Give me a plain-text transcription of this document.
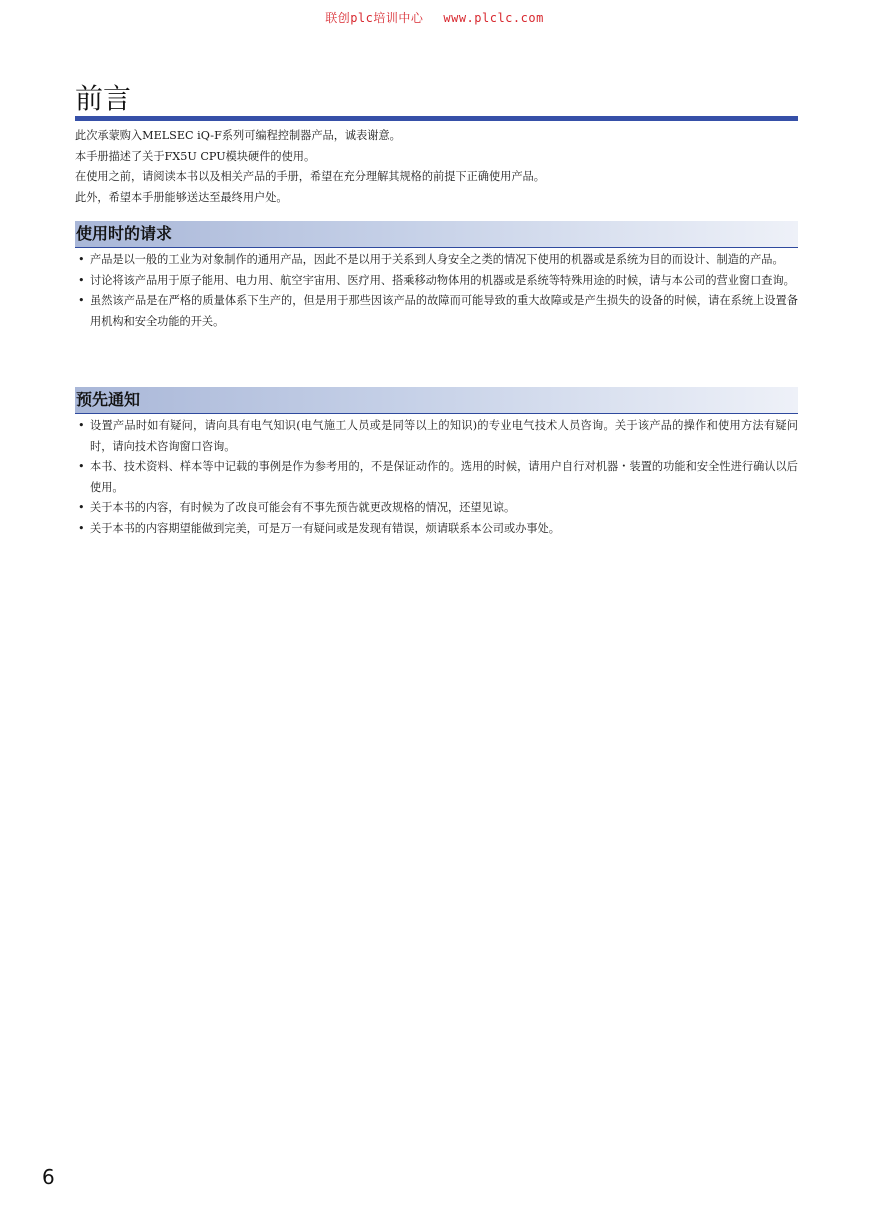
联创plc培训中心 www.plclc.com
前言

此次承蒙购入MELSEC iQ-F系列可编程控制器产品，诚表谢意。

本手册描述了关于FX5U CPU模块硬件的使用。

在使用之前，请阅读本书以及相关产品的手册，希望在充分理解其规格的前提下正确使用产品。

此外，希望本手册能够送达至最终用户处。

使用时的请求
• 产品是以一般的工业为对象制作的通用产品，因此不是以用于关系到人身安全之类的情况下使用的机器或是系统为目的而设计、制造的产品。
• 讨论将该产品用于原子能用、电力用、航空宇宙用、医疗用、搭乘移动物体用的机器或是系统等特殊用途的时候，请与本公司的营业窗口查询。
• 虽然该产品是在严格的质量体系下生产的，但是用于那些因该产品的故障而可能导致的重大故障或是产生损失的设备的时候，请在系统上设置备用机构和安全功能的开关。
预先通知
• 设置产品时如有疑问，请向具有电气知识(电气施工人员或是同等以上的知识)的专业电气技术人员咨询。关于该产品的操作和使用方法有疑问时，请向技术咨询窗口咨询。
• 本书、技术资料、样本等中记载的事例是作为参考用的，不是保证动作的。选用的时候，请用户自行对机器・装置的功能和安全性进行确认以后使用。
• 关于本书的内容，有时候为了改良可能会有不事先预告就更改规格的情况，还望见谅。
• 关于本书的内容期望能做到完美，可是万一有疑问或是发现有错误，烦请联系本公司或办事处。
6
